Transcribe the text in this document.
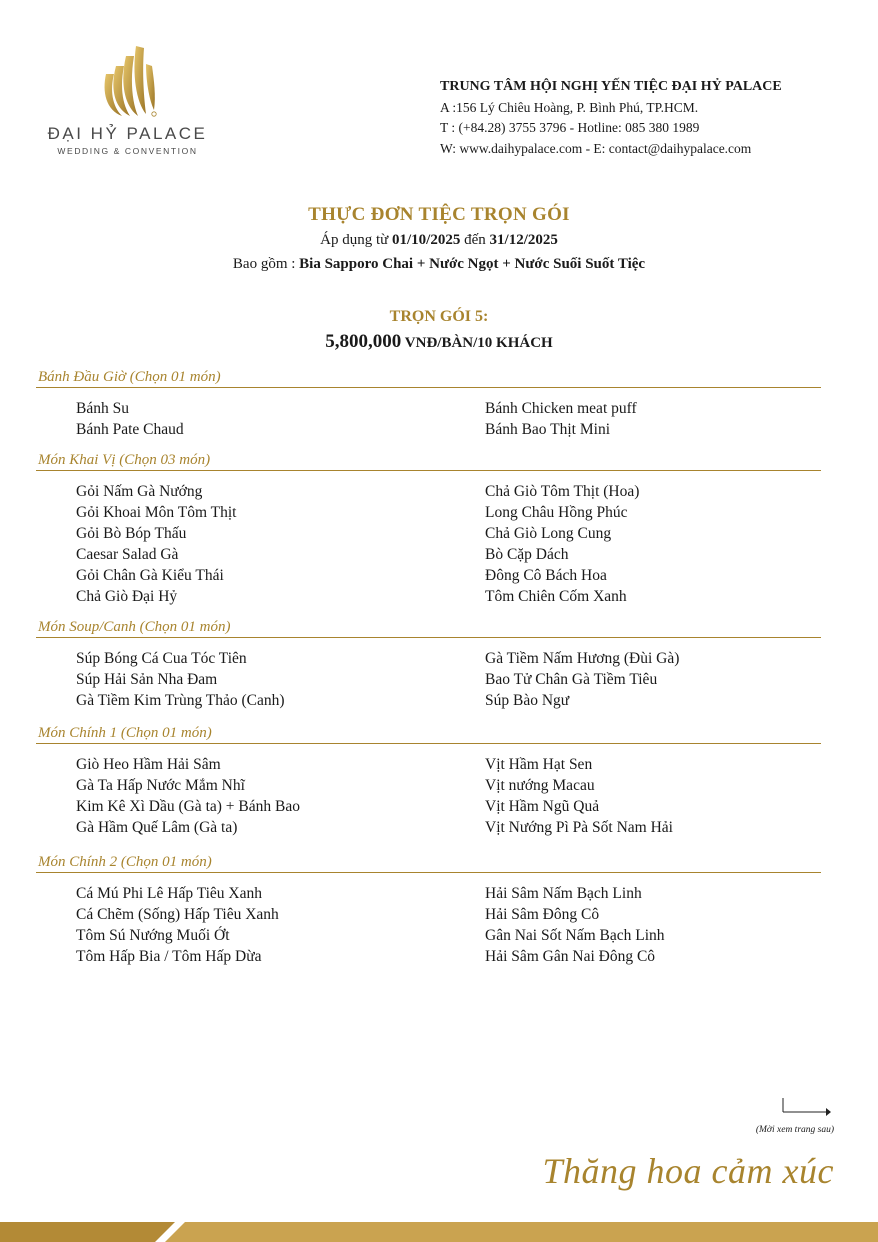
ĐẠI HỶ PALACE
WEDDING & CONVENTION
TRUNG TÂM HỘI NGHỊ YẾN TIỆC ĐẠI HỶ PALACE
A :156 Lý Chiêu Hoàng, P. Bình Phú, TP.HCM.
T : (+84.28) 3755 3796 - Hotline: 085 380 1989
W: www.daihypalace.com - E: contact@daihypalace.com
THỰC ĐƠN TIỆC TRỌN GÓI
Áp dụng từ 01/10/2025 đến 31/12/2025
Bao gồm : Bia Sapporo Chai + Nước Ngọt + Nước Suối Suốt Tiệc
TRỌN GÓI 5:
5,800,000 VNĐ/BÀN/10 KHÁCH
Bánh Đầu Giờ (Chọn 01 món)
Bánh Su
Bánh Pate Chaud
Bánh Chicken meat puff
Bánh Bao Thịt Mini
Món Khai Vị (Chọn 03 món)
Gỏi Nấm Gà Nướng
Gỏi Khoai Môn Tôm Thịt
Gỏi Bò Bóp Thấu
Caesar Salad Gà
Gỏi Chân Gà Kiểu Thái
Chả Giò Đại Hỷ
Chả Giò Tôm Thịt (Hoa)
Long Châu Hồng Phúc
Chả Giò Long Cung
Bò Cặp Dách
Đông Cô Bách Hoa
Tôm Chiên Cốm Xanh
Món Soup/Canh (Chọn 01 món)
Súp Bóng Cá Cua Tóc Tiên
Súp Hải Sản Nha Đam
Gà Tiềm Kim Trùng Thảo (Canh)
Gà Tiềm Nấm Hương (Đùi Gà)
Bao Tử Chân Gà Tiềm Tiêu
Súp Bào Ngư
Món Chính 1 (Chọn 01 món)
Giò Heo Hầm Hải Sâm
Gà Ta Hấp Nước Mắm Nhĩ
Kim Kê Xì Dầu (Gà ta) + Bánh Bao
Gà Hầm Quế Lâm (Gà ta)
Vịt Hầm Hạt Sen
Vịt nướng Macau
Vịt Hầm Ngũ Quả
Vịt Nướng Pì Pà Sốt Nam Hải
Món Chính 2 (Chọn 01 món)
Cá Mú Phi Lê Hấp Tiêu Xanh
Cá Chẽm (Sống) Hấp Tiêu Xanh
Tôm Sú Nướng Muối Ớt
Tôm Hấp Bia / Tôm Hấp Dừa
Hải Sâm Nấm Bạch Linh
Hải Sâm Đông Cô
Gân Nai Sốt Nấm Bạch Linh
Hải Sâm Gân Nai Đông Cô
(Mời xem trang sau)
Thăng hoa cảm xúc
